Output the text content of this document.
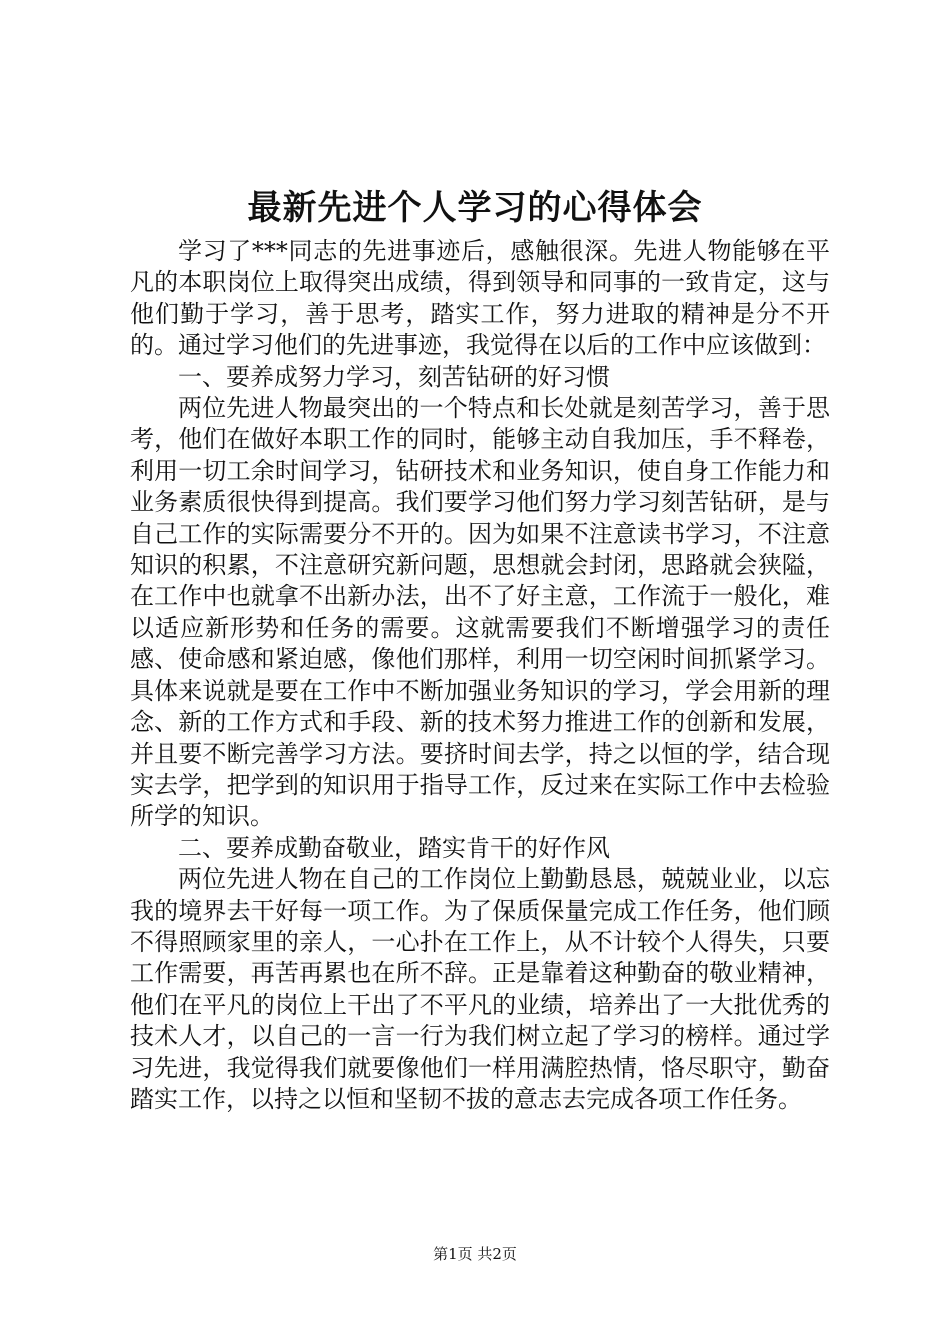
最新先进个人学习的心得体会

学习了***同志的先进事迹后，感触很深。先进人物能够在平凡的本职岗位上取得突出成绩，得到领导和同事的一致肯定，这与他们勤于学习，善于思考，踏实工作，努力进取的精神是分不开的。通过学习他们的先进事迹，我觉得在以后的工作中应该做到：

一、要养成努力学习，刻苦钻研的好习惯

两位先进人物最突出的一个特点和长处就是刻苦学习，善于思考，他们在做好本职工作的同时，能够主动自我加压，手不释卷，利用一切工余时间学习，钻研技术和业务知识，使自身工作能力和业务素质很快得到提高。我们要学习他们努力学习刻苦钻研，是与自己工作的实际需要分不开的。因为如果不注意读书学习，不注意知识的积累，不注意研究新问题，思想就会封闭，思路就会狭隘，在工作中也就拿不出新办法，出不了好主意，工作流于一般化，难以适应新形势和任务的需要。这就需要我们不断增强学习的责任感、使命感和紧迫感，像他们那样，利用一切空闲时间抓紧学习。具体来说就是要在工作中不断加强业务知识的学习，学会用新的理念、新的工作方式和手段、新的技术努力推进工作的创新和发展，并且要不断完善学习方法。要挤时间去学，持之以恒的学，结合现实去学，把学到的知识用于指导工作，反过来在实际工作中去检验所学的知识。

二、要养成勤奋敬业，踏实肯干的好作风

两位先进人物在自己的工作岗位上勤勤恳恳，兢兢业业，以忘我的境界去干好每一项工作。为了保质保量完成工作任务，他们顾不得照顾家里的亲人，一心扑在工作上，从不计较个人得失，只要工作需要，再苦再累也在所不辞。正是靠着这种勤奋的敬业精神，他们在平凡的岗位上干出了不平凡的业绩，培养出了一大批优秀的技术人才，以自己的一言一行为我们树立起了学习的榜样。通过学习先进，我觉得我们就要像他们一样用满腔热情，恪尽职守，勤奋踏实工作，以持之以恒和坚韧不拔的意志去完成各项工作任务。

第1页 共2页
